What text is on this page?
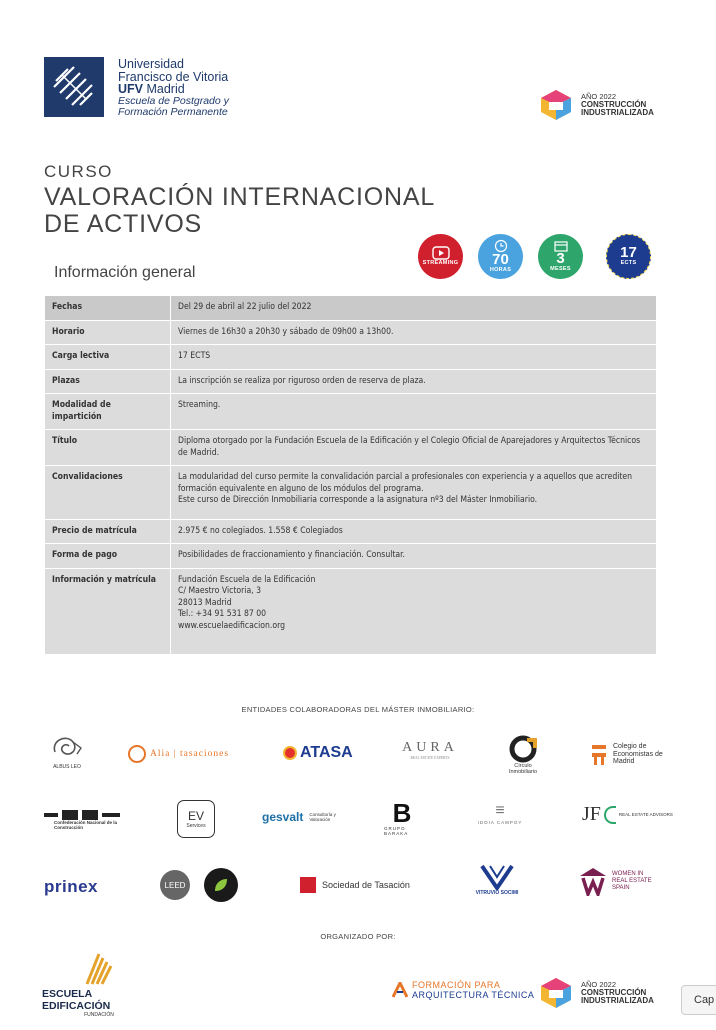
Universidad
Francisco de Vitoria
UFV Madrid
Escuela de Postgrado y
Formación Permanente
AÑO 2022
CONSTRUCCIÓN
INDUSTRIALIZADA
CURSO
VALORACIÓN INTERNACIONAL
DE ACTIVOS
Información general
STREAMING 70
HORAS
3
MESES
17
ECTS
Fechas	Del 29 de abril al 22 julio del 2022
Horario	Viernes de 16h30 a 20h30 y sábado de 09h00 a 13h00.
Carga lectiva	17 ECTS
Plazas	La inscripción se realiza por riguroso orden de reserva de plaza.
Modalidad de impartición	Streaming.
Título	Diploma otorgado por la Fundación Escuela de la Edificación y el Colegio Oficial de Aparejadores y Arquitectos Técnicos de Madrid.
Convalidaciones	La modularidad del curso permite la convalidación parcial a profesionales con experiencia y a aquellos que acrediten formación equivalente en alguno de los módulos del programa.
Este curso de Dirección Inmobiliaria corresponde a la asignatura nº3 del Máster Inmobiliario.
Precio de matrícula	2.975 € no colegiados. 1.558 € Colegiados
Forma de pago	Posibilidades de fraccionamiento y financiación. Consultar.
Información y matrícula	Fundación Escuela de la Edificación
C/ Maestro Victoria, 3
28013 Madrid
Tel.: +34 91 531 87 00
www.escuelaedificacion.org
ENTIDADES COLABORADORAS DEL MÁSTER INMOBILIARIO:
ALBUS LEO
Alia | tasaciones	ATASA	AURA
REAL ESTATE EXPERTS
Círculo Inmobiliario
Colegio de Economistas de Madrid
Confederación Nacional de la Construcción
EV
Services
gesvalt Consultoría y Valoración	B
GRUPO BARAKA
≡
IDOIA CAMPOY	JF	REAL ESTATE ADVISORS
prinex	LEED	Sociedad de Tasación
VITRUVIO SOCIMI
WOMEN IN REAL ESTATE SPAIN
ORGANIZADO POR:
ESCUELA EDIFICACIÓN
FUNDACIÓN
FORMACIÓN PARA
ARQUITECTURA TÉCNICA
AÑO 2022
CONSTRUCCIÓN
INDUSTRIALIZADA	Cap
